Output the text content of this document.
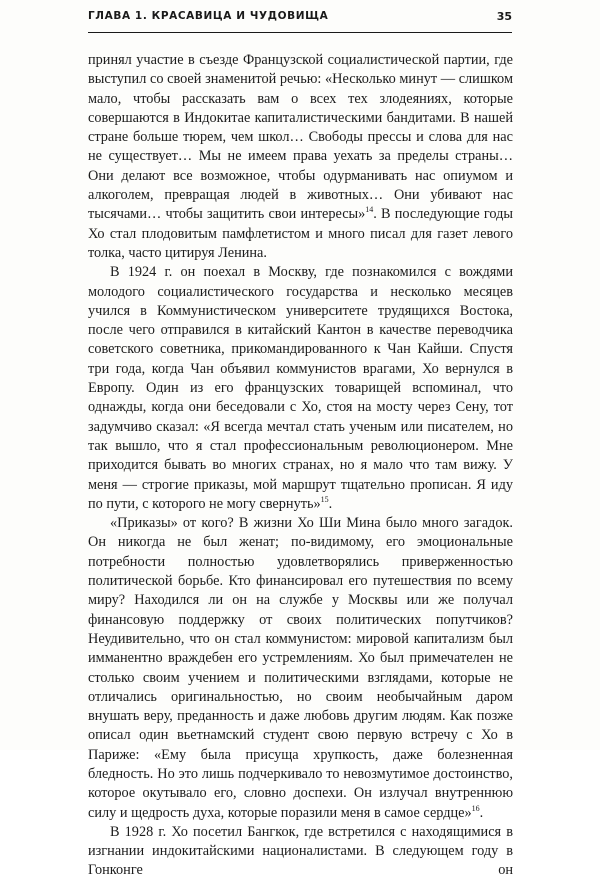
ГЛАВА 1. КРАСАВИЦА И ЧУДОВИЩА	35

принял участие в съезде Французской социалистической партии, где выступил со своей знаменитой речью: «Несколько минут — слишком мало, чтобы рассказать вам о всех тех злодеяниях, которые совершаются в Индокитае капиталистическими бандитами. В нашей стране больше тюрем, чем школ… Свободы прессы и слова для нас не существует… Мы не имеем права уехать за пределы страны… Они делают все возможное, чтобы одурманивать нас опиумом и алкоголем, превращая людей в животных… Они убивают нас тысячами… чтобы защитить свои интересы»$^{14}$. В последующие годы Хо стал плодовитым памфлетистом и много писал для газет левого толка, часто цитируя Ленина.

В 1924 г. он поехал в Москву, где познакомился с вождями молодого социалистического государства и несколько месяцев учился в Коммунистическом университете трудящихся Востока, после чего отправился в китайский Кантон в качестве переводчика советского советника, прикомандированного к Чан Кайши. Спустя три года, когда Чан объявил коммунистов врагами, Хо вернулся в Европу. Один из его французских товарищей вспоминал, что однажды, когда они беседовали с Хо, стоя на мосту через Сену, тот задумчиво сказал: «Я всегда мечтал стать ученым или писателем, но так вышло, что я стал профессиональным революционером. Мне приходится бывать во многих странах, но я мало что там вижу. У меня — строгие приказы, мой маршрут тщательно прописан. Я иду по пути, с которого не могу свернуть»$^{15}$.

«Приказы» от кого? В жизни Хо Ши Мина было много загадок. Он никогда не был женат; по-видимому, его эмоциональные потребности полностью удовлетворялись приверженностью политической борьбе. Кто финансировал его путешествия по всему миру? Находился ли он на службе у Москвы или же получал финансовую поддержку от своих политических попутчиков? Неудивительно, что он стал коммунистом: мировой капитализм был имманентно враждебен его устремлениям. Хо был примечателен не столько своим учением и политическими взглядами, которые не отличались оригинальностью, но своим необычайным даром внушать веру, преданность и даже любовь другим людям. Как позже описал один вьетнамский студент свою первую встречу с Хо в Париже: «Ему была присуща хрупкость, даже болезненная бледность. Но это лишь подчеркивало то невозмутимое достоинство, которое окутывало его, словно доспехи. Он излучал внутреннюю силу и щедрость духа, которые поразили меня в самое сердце»$^{16}$.

В 1928 г. Хо посетил Бангкок, где встретился с находящимися в изгнании индокитайскими националистами. В следующем году в Гонконге он
